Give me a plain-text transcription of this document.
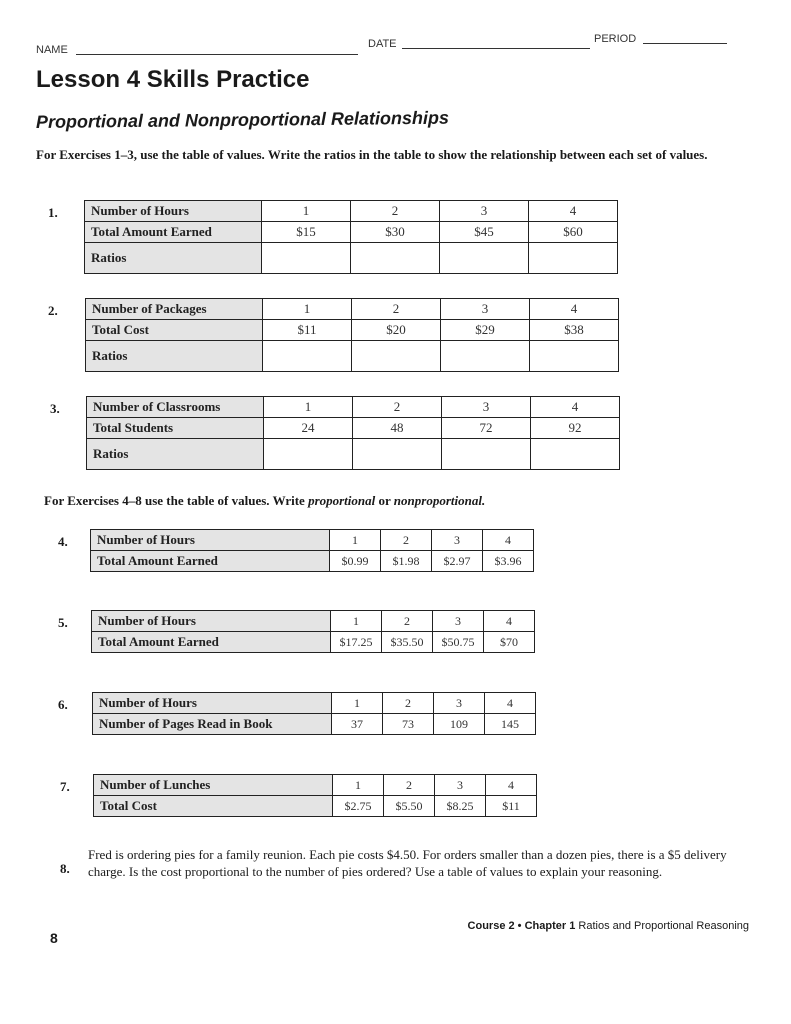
NAME	DATE	PERIOD
Lesson 4 Skills Practice
Proportional and Nonproportional Relationships
For Exercises 1–3, use the table of values. Write the ratios in the table to show the relationship between each set of values.
1.	Number of Hours	1	2	3	4
Total Amount Earned	$15	$30	$45	$60
Ratios				
2.	Number of Packages	1	2	3	4
Total Cost	$11	$20	$29	$38
Ratios				
3.	Number of Classrooms	1	2	3	4
Total Students	24	48	72	92
Ratios				
For Exercises 4–8 use the table of values. Write proportional or nonproportional.
4. Number of Hours	1	2	3	4
Total Amount Earned	$0.99	$1.98	$2.97	$3.96
5. Number of Hours	1	2	3	4
Total Amount Earned	$17.25	$35.50	$50.75	$70
6. Number of Hours	1	2	3	4
Number of Pages Read in Book	37	73	109	145
7. Number of Lunches	1	2	3	4
Total Cost	$2.75	$5.50	$8.25	$11
8.
Fred is ordering pies for a family reunion. Each pie costs $4.50. For orders smaller than a dozen pies, there is a $5 delivery charge. Is the cost proportional to the number of pies ordered? Use a table of values to explain your reasoning.
Course 2 • Chapter 1 Ratios and Proportional Reasoning
8
